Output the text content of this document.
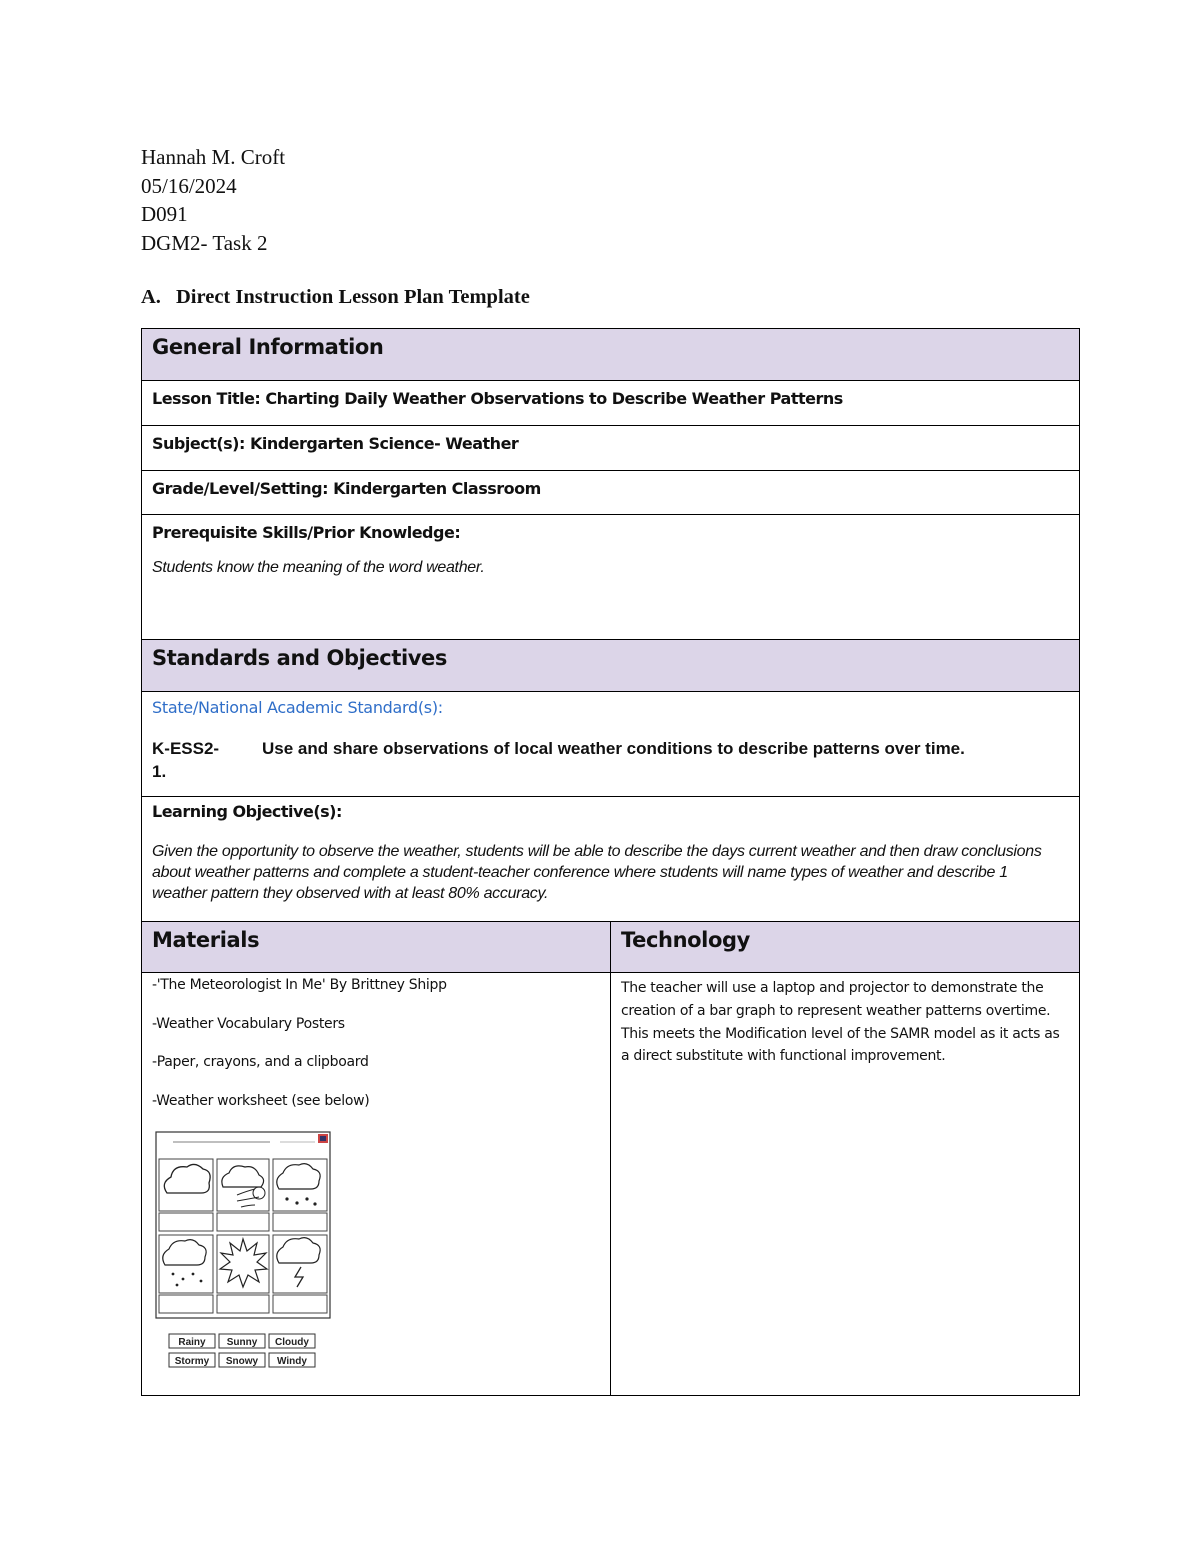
Hannah M. Croft
05/16/2024
D091
DGM2- Task 2
A. Direct Instruction Lesson Plan Template
General Information
Lesson Title: Charting Daily Weather Observations to Describe Weather Patterns
Subject(s): Kindergarten Science- Weather
Grade/Level/Setting: Kindergarten Classroom
Prerequisite Skills/Prior Knowledge:
Students know the meaning of the word weather.
Standards and Objectives
State/National Academic Standard(s):
K-ESS2-1.
Use and share observations of local weather conditions to describe patterns over time.
Learning Objective(s):
Given the opportunity to observe the weather, students will be able to describe the days current weather and then draw conclusions about weather patterns and complete a student-teacher conference where students will name types of weather and describe 1 weather pattern they observed with at least 80% accuracy.
Materials	Technology
-'The Meteorologist In Me' By Brittney Shipp
-Weather Vocabulary Posters
-Paper, crayons, and a clipboard
-Weather worksheet (see below)
Rainy Sunny Cloudy
Stormy Snowy Windy
The teacher will use a laptop and projector to demonstrate the creation of a bar graph to represent weather patterns overtime. This meets the Modification level of the SAMR model as it acts as a direct substitute with functional improvement.
